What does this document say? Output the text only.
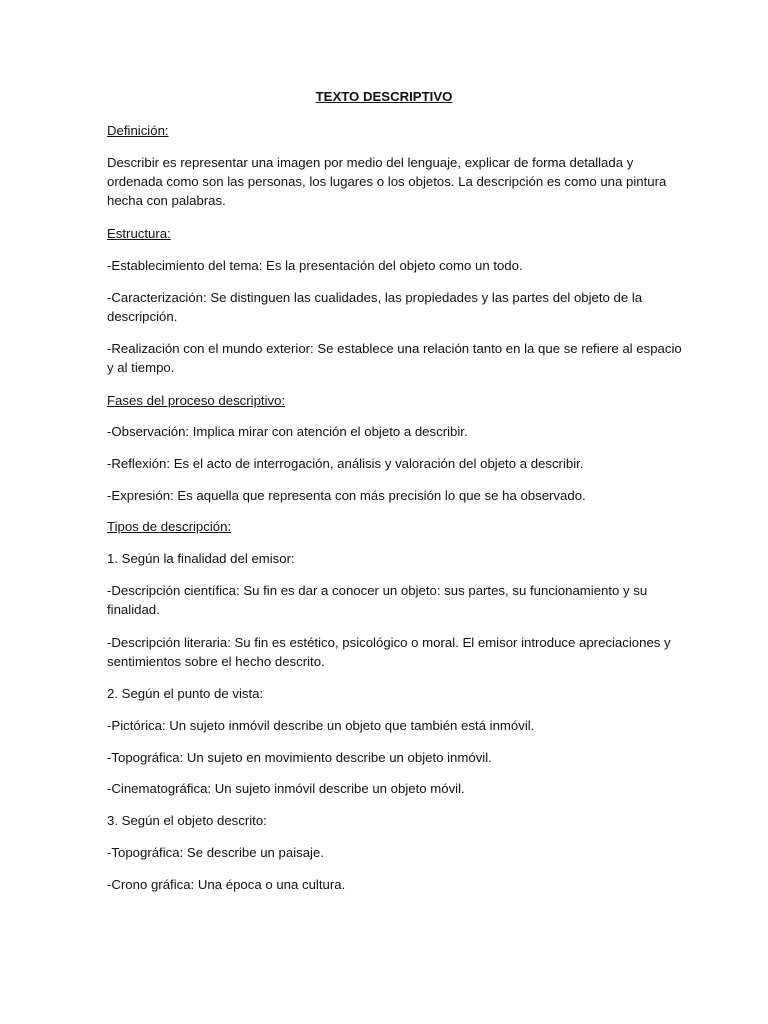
TEXTO DESCRIPTIVO
Definición:
Describir es representar una imagen por medio del lenguaje, explicar de forma detallada y
ordenada como son las personas, los lugares o los objetos. La descripción es como una pintura
hecha con palabras.
Estructura:
-Establecimiento del tema: Es la presentación del objeto como un todo.
-Caracterización: Se distinguen las cualidades, las propiedades y las partes del objeto de la
descripción.
-Realización con el mundo exterior: Se establece una relación tanto en la que se refiere al espacio
y al tiempo.
Fases del proceso descriptivo:
-Observación: Implica mirar con atención el objeto a describir.
-Reflexión: Es el acto de interrogación, análisis y valoración del objeto a describir.
-Expresión: Es aquella que representa con más precisión lo que se ha observado.
Tipos de descripción:
1. Según la finalidad del emisor:
-Descripción científica: Su fin es dar a conocer un objeto: sus partes, su funcionamiento y su
finalidad.
-Descripción literaria: Su fin es estético, psicológico o moral. El emisor introduce apreciaciones y
sentimientos sobre el hecho descrito.
2. Según el punto de vista:
-Pictórica: Un sujeto inmóvil describe un objeto que también está inmóvil.
-Topográfica: Un sujeto en movimiento describe un objeto inmóvil.
-Cinematográfica: Un sujeto inmóvil describe un objeto móvil.
3. Según el objeto descrito:
-Topográfica: Se describe un paisaje.
-Crono gráfica: Una época o una cultura.
